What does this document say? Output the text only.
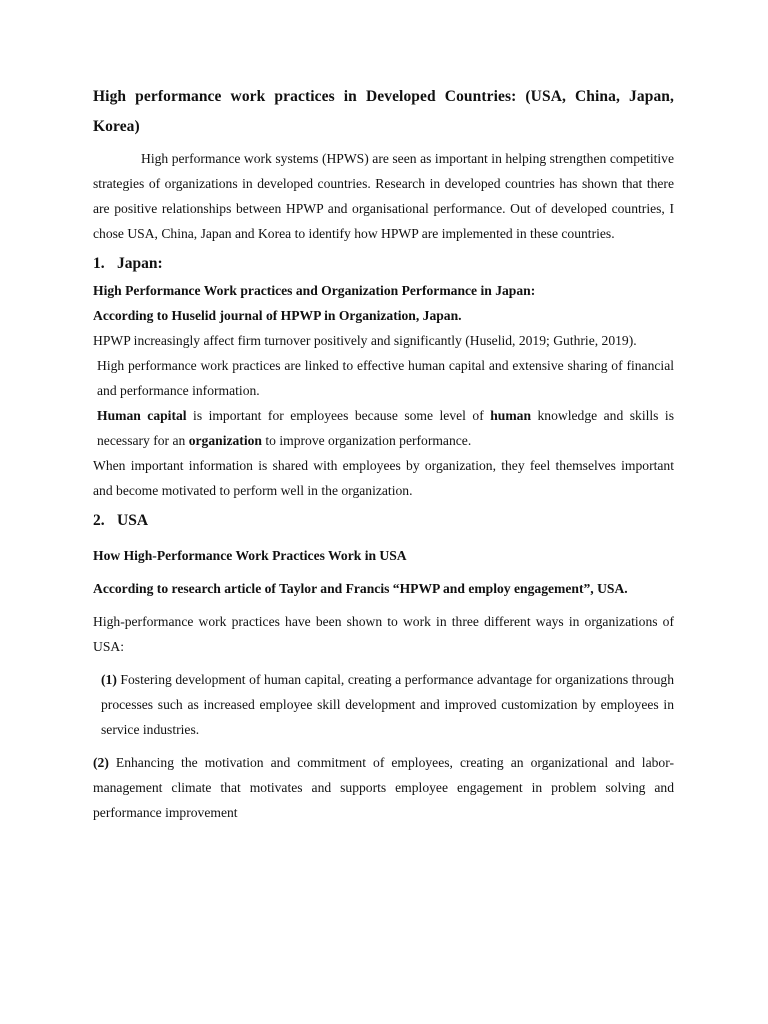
High performance work practices in Developed Countries: (USA, China, Japan, Korea)

High performance work systems (HPWS) are seen as important in helping strengthen competitive strategies of organizations in developed countries. Research in developed countries has shown that there are positive relationships between HPWP and organisational performance. Out of developed countries, I chose USA, China, Japan and Korea to identify how HPWP are implemented in these countries.

1. Japan:

High Performance Work practices and Organization Performance in Japan:

According to Huselid journal of HPWP in Organization, Japan.

HPWP increasingly affect firm turnover positively and significantly (Huselid, 2019; Guthrie, 2019).

High performance work practices are linked to effective human capital and extensive sharing of financial and performance information.

Human capital is important for employees because some level of human knowledge and skills is necessary for an organization to improve organization performance.

When important information is shared with employees by organization, they feel themselves important and become motivated to perform well in the organization.

2. USA

How High-Performance Work Practices Work in USA

According to research article of Taylor and Francis “HPWP and employ engagement”, USA.

High-performance work practices have been shown to work in three different ways in organizations of USA:

(1) Fostering development of human capital, creating a performance advantage for organizations through processes such as increased employee skill development and improved customization by employees in service industries.

(2) Enhancing the motivation and commitment of employees, creating an organizational and labor-management climate that motivates and supports employee engagement in problem solving and performance improvement
